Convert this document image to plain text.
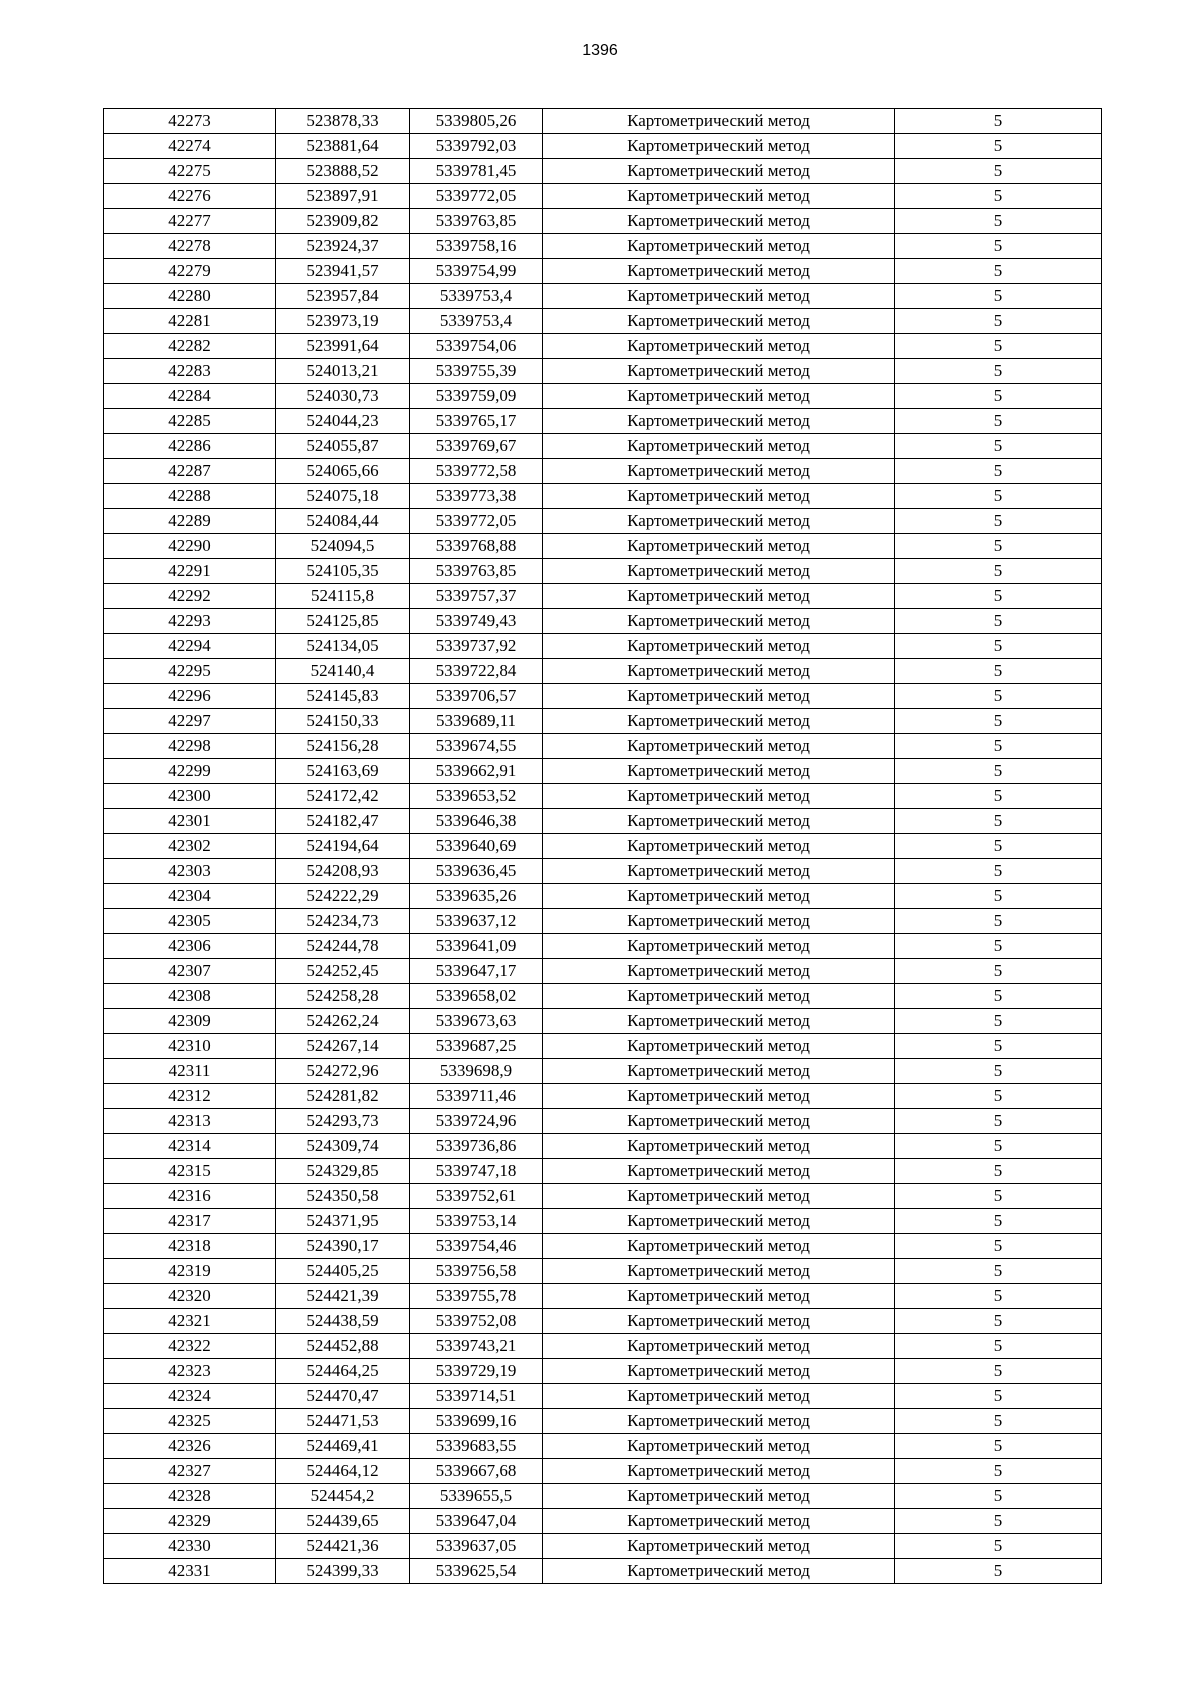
1396
42273	523878,33	5339805,26	Картометрический метод	5
42274	523881,64	5339792,03	Картометрический метод	5
42275	523888,52	5339781,45	Картометрический метод	5
42276	523897,91	5339772,05	Картометрический метод	5
42277	523909,82	5339763,85	Картометрический метод	5
42278	523924,37	5339758,16	Картометрический метод	5
42279	523941,57	5339754,99	Картометрический метод	5
42280	523957,84	5339753,4	Картометрический метод	5
42281	523973,19	5339753,4	Картометрический метод	5
42282	523991,64	5339754,06	Картометрический метод	5
42283	524013,21	5339755,39	Картометрический метод	5
42284	524030,73	5339759,09	Картометрический метод	5
42285	524044,23	5339765,17	Картометрический метод	5
42286	524055,87	5339769,67	Картометрический метод	5
42287	524065,66	5339772,58	Картометрический метод	5
42288	524075,18	5339773,38	Картометрический метод	5
42289	524084,44	5339772,05	Картометрический метод	5
42290	524094,5	5339768,88	Картометрический метод	5
42291	524105,35	5339763,85	Картометрический метод	5
42292	524115,8	5339757,37	Картометрический метод	5
42293	524125,85	5339749,43	Картометрический метод	5
42294	524134,05	5339737,92	Картометрический метод	5
42295	524140,4	5339722,84	Картометрический метод	5
42296	524145,83	5339706,57	Картометрический метод	5
42297	524150,33	5339689,11	Картометрический метод	5
42298	524156,28	5339674,55	Картометрический метод	5
42299	524163,69	5339662,91	Картометрический метод	5
42300	524172,42	5339653,52	Картометрический метод	5
42301	524182,47	5339646,38	Картометрический метод	5
42302	524194,64	5339640,69	Картометрический метод	5
42303	524208,93	5339636,45	Картометрический метод	5
42304	524222,29	5339635,26	Картометрический метод	5
42305	524234,73	5339637,12	Картометрический метод	5
42306	524244,78	5339641,09	Картометрический метод	5
42307	524252,45	5339647,17	Картометрический метод	5
42308	524258,28	5339658,02	Картометрический метод	5
42309	524262,24	5339673,63	Картометрический метод	5
42310	524267,14	5339687,25	Картометрический метод	5
42311	524272,96	5339698,9	Картометрический метод	5
42312	524281,82	5339711,46	Картометрический метод	5
42313	524293,73	5339724,96	Картометрический метод	5
42314	524309,74	5339736,86	Картометрический метод	5
42315	524329,85	5339747,18	Картометрический метод	5
42316	524350,58	5339752,61	Картометрический метод	5
42317	524371,95	5339753,14	Картометрический метод	5
42318	524390,17	5339754,46	Картометрический метод	5
42319	524405,25	5339756,58	Картометрический метод	5
42320	524421,39	5339755,78	Картометрический метод	5
42321	524438,59	5339752,08	Картометрический метод	5
42322	524452,88	5339743,21	Картометрический метод	5
42323	524464,25	5339729,19	Картометрический метод	5
42324	524470,47	5339714,51	Картометрический метод	5
42325	524471,53	5339699,16	Картометрический метод	5
42326	524469,41	5339683,55	Картометрический метод	5
42327	524464,12	5339667,68	Картометрический метод	5
42328	524454,2	5339655,5	Картометрический метод	5
42329	524439,65	5339647,04	Картометрический метод	5
42330	524421,36	5339637,05	Картометрический метод	5
42331	524399,33	5339625,54	Картометрический метод	5
